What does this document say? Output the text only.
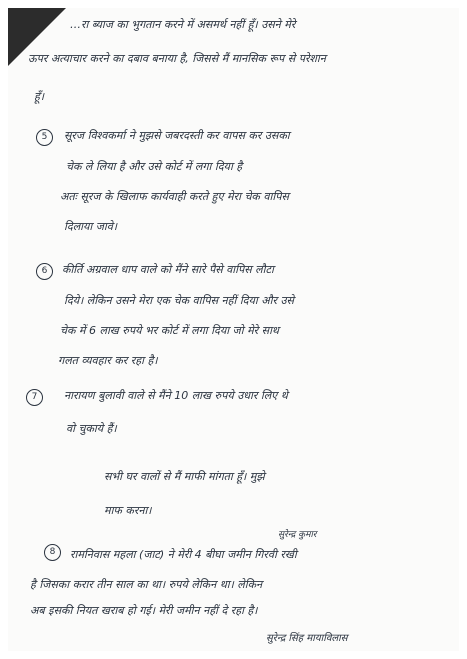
…रा ब्याज का भुगतान करने में असमर्थ नहीं हूँ। उसने मेरे
ऊपर अत्याचार करने का दबाव बनाया है, जिससे मैं मानसिक रूप से परेशान
हूँ।
5	सूरज विश्वकर्मा ने मुझसे जबरदस्ती कर वापस कर उसका
चेक ले लिया है और उसे कोर्ट में लगा दिया है
अतः सूरज के खिलाफ कार्यवाही करते हुए मेरा चेक वापिस
दिलाया जावे।
6	कीर्ति अग्रवाल धाप वाले को मैंने सारे पैसे वापिस लौटा
दिये। लेकिन उसने मेरा एक चेक वापिस नहीं दिया और उसे
चेक में 6 लाख रुपये भर कोर्ट में लगा दिया जो मेरे साथ
गलत व्यवहार कर रहा है।
7	नारायण बुलावी वाले से मैंने 10 लाख रुपये उधार लिए थे
वो चुकाये हैं।
सभी घर वालों से मैं माफी मांगता हूँ। मुझे
माफ करना।
सुरेन्द्र कुमार
8	रामनिवास महला (जाट) ने मेरी 4 बीघा जमीन गिरवी रखी
है जिसका करार तीन साल का था। रुपये लेकिन था। लेकिन
अब इसकी नियत खराब हो गई। मेरी जमीन नहीं दे रहा है।
सुरेन्द्र सिंह मायाविलास
